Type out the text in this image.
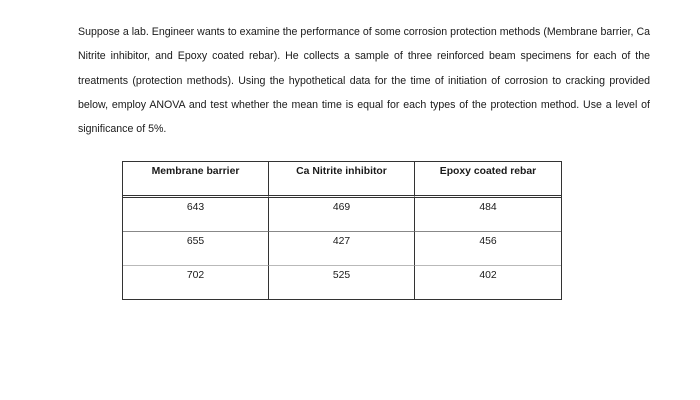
Suppose a lab. Engineer wants to examine the performance of some corrosion protection methods (Membrane barrier, Ca Nitrite inhibitor, and Epoxy coated rebar). He collects a sample of three reinforced beam specimens for each of the treatments (protection methods). Using the hypothetical data for the time of initiation of corrosion to cracking provided below, employ ANOVA and test whether the mean time is equal for each types of the protection method. Use a level of significance of 5%.

Membrane barrier	Ca Nitrite inhibitor	Epoxy coated rebar
643	469	484
655	427	456
702	525	402
